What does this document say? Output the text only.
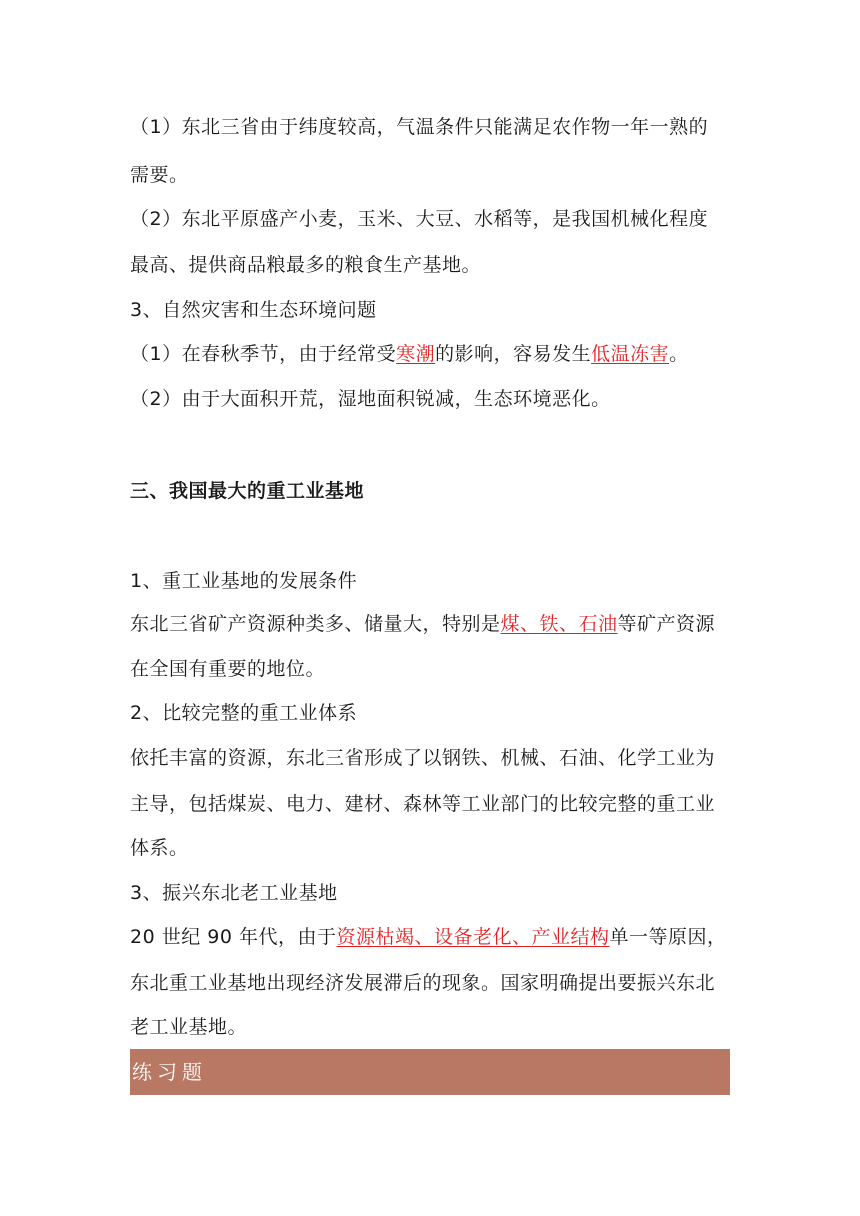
（1）东北三省由于纬度较高，气温条件只能满足农作物一年一熟的
需要。
（2）东北平原盛产小麦，玉米、大豆、水稻等，是我国机械化程度
最高、提供商品粮最多的粮食生产基地。
3、自然灾害和生态环境问题
（1）在春秋季节，由于经常受寒潮的影响，容易发生低温冻害。
（2）由于大面积开荒，湿地面积锐减，生态环境恶化。
三、我国最大的重工业基地
1、重工业基地的发展条件
东北三省矿产资源种类多、储量大，特别是煤、铁、石油等矿产资源
在全国有重要的地位。
2、比较完整的重工业体系
依托丰富的资源，东北三省形成了以钢铁、机械、石油、化学工业为
主导，包括煤炭、电力、建材、森林等工业部门的比较完整的重工业
体系。
3、振兴东北老工业基地
20 世纪 90 年代，由于资源枯竭、设备老化、产业结构单一等原因，
东北重工业基地出现经济发展滞后的现象。国家明确提出要振兴东北
老工业基地。
练习题
